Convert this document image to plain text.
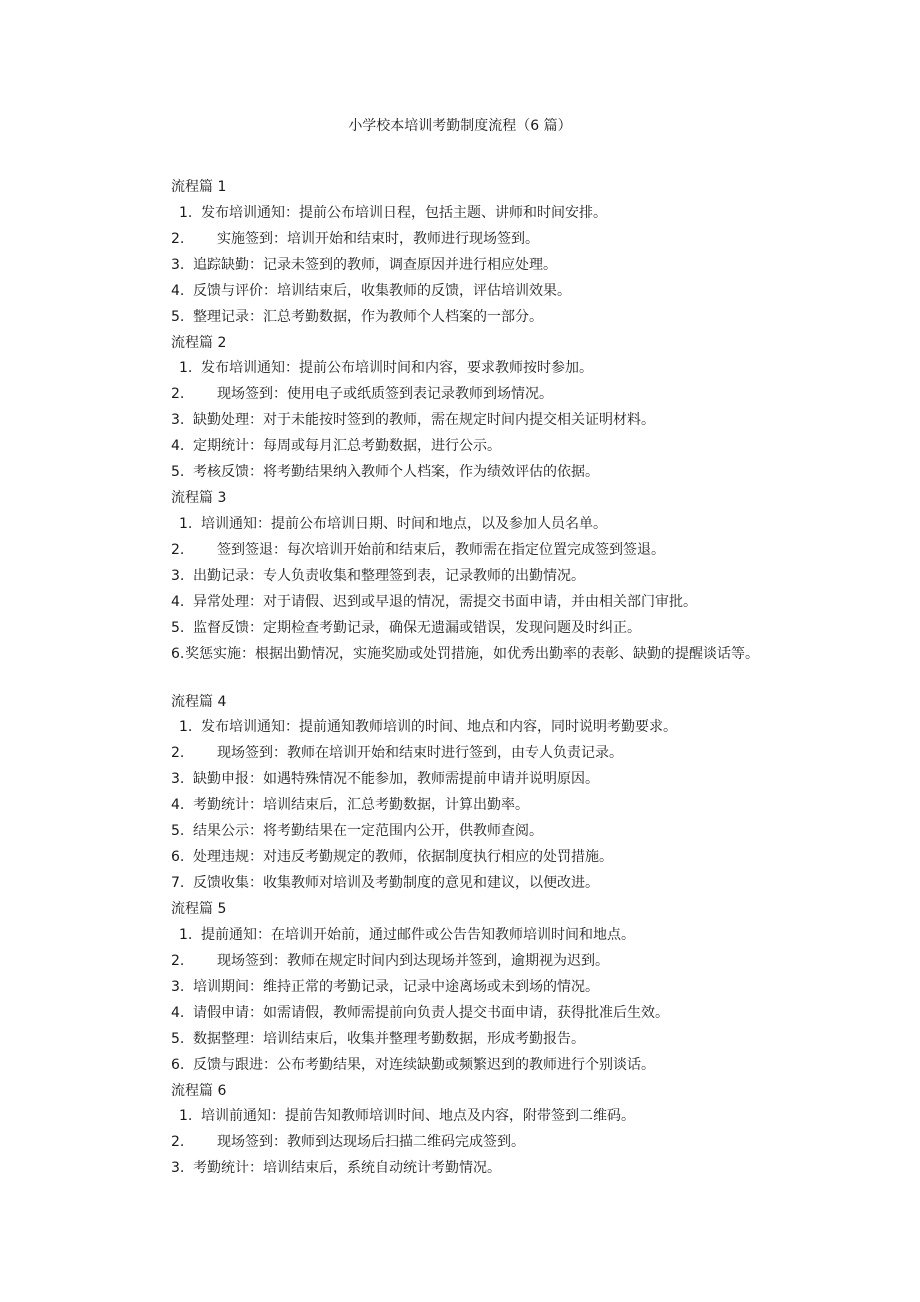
小学校本培训考勤制度流程（6 篇）
流程篇 1
1. 发布培训通知：提前公布培训日程，包括主题、讲师和时间安排。
2.	实施签到：培训开始和结束时，教师进行现场签到。
3. 追踪缺勤：记录未签到的教师，调查原因并进行相应处理。
4. 反馈与评价：培训结束后，收集教师的反馈，评估培训效果。
5. 整理记录：汇总考勤数据，作为教师个人档案的一部分。
流程篇 2
1. 发布培训通知：提前公布培训时间和内容，要求教师按时参加。
2.	现场签到：使用电子或纸质签到表记录教师到场情况。
3. 缺勤处理：对于未能按时签到的教师，需在规定时间内提交相关证明材料。
4. 定期统计：每周或每月汇总考勤数据，进行公示。
5. 考核反馈：将考勤结果纳入教师个人档案，作为绩效评估的依据。
流程篇 3
1. 培训通知：提前公布培训日期、时间和地点，以及参加人员名单。
2.	签到签退：每次培训开始前和结束后，教师需在指定位置完成签到签退。
3. 出勤记录：专人负责收集和整理签到表，记录教师的出勤情况。
4. 异常处理：对于请假、迟到或早退的情况，需提交书面申请，并由相关部门审批。
5. 监督反馈：定期检查考勤记录，确保无遗漏或错误，发现问题及时纠正。
6. 奖惩实施：根据出勤情况，实施奖励或处罚措施，如优秀出勤率的表彰、缺勤的提醒谈话等。
流程篇 4
1. 发布培训通知：提前通知教师培训的时间、地点和内容，同时说明考勤要求。
2.	现场签到：教师在培训开始和结束时进行签到，由专人负责记录。
3. 缺勤申报：如遇特殊情况不能参加，教师需提前申请并说明原因。
4. 考勤统计：培训结束后，汇总考勤数据，计算出勤率。
5. 结果公示：将考勤结果在一定范围内公开，供教师查阅。
6. 处理违规：对违反考勤规定的教师，依据制度执行相应的处罚措施。
7. 反馈收集：收集教师对培训及考勤制度的意见和建议，以便改进。
流程篇 5
1. 提前通知：在培训开始前，通过邮件或公告告知教师培训时间和地点。
2.	现场签到：教师在规定时间内到达现场并签到，逾期视为迟到。
3. 培训期间：维持正常的考勤记录，记录中途离场或未到场的情况。
4. 请假申请：如需请假，教师需提前向负责人提交书面申请，获得批准后生效。
5. 数据整理：培训结束后，收集并整理考勤数据，形成考勤报告。
6. 反馈与跟进：公布考勤结果，对连续缺勤或频繁迟到的教师进行个别谈话。
流程篇 6
1. 培训前通知：提前告知教师培训时间、地点及内容，附带签到二维码。
2.	现场签到：教师到达现场后扫描二维码完成签到。
3. 考勤统计：培训结束后，系统自动统计考勤情况。
